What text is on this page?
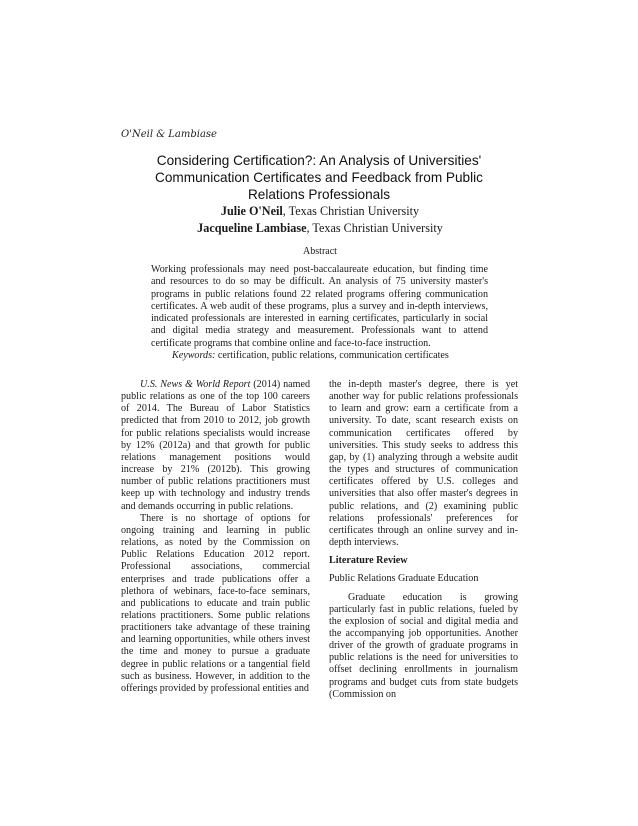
O'Neil & Lambiase
Considering Certification?: An Analysis of Universities' Communication Certificates and Feedback from Public Relations Professionals
Julie O'Neil, Texas Christian University
Jacqueline Lambiase, Texas Christian University
Abstract
Working professionals may need post-baccalaureate education, but finding time and resources to do so may be difficult. An analysis of 75 university master's programs in public relations found 22 related programs offering communication certificates. A web audit of these programs, plus a survey and in-depth interviews, indicated professionals are interested in earning certificates, particularly in social and digital media strategy and measurement. Professionals want to attend certificate programs that combine online and face-to-face instruction.
Keywords: certification, public relations, communication certificates

U.S. News & World Report (2014) named public relations as one of the top 100 careers of 2014. The Bureau of Labor Statistics predicted that from 2010 to 2012, job growth for public relations specialists would increase by 12% (2012a) and that growth for public relations management positions would increase by 21% (2012b). This growing number of public relations practitioners must keep up with technology and industry trends and demands occurring in public relations.

There is no shortage of options for ongoing training and learning in public relations, as noted by the Commission on Public Relations Education 2012 report. Professional associations, commercial enterprises and trade publications offer a plethora of webinars, face-to-face seminars, and publications to educate and train public relations practitioners. Some public relations practitioners take advantage of these training and learning opportunities, while others invest the time and money to pursue a graduate degree in public relations or a tangential field such as business. However, in addition to the offerings provided by professional entities and

the in-depth master's degree, there is yet another way for public relations professionals to learn and grow: earn a certificate from a university. To date, scant research exists on communication certificates offered by universities. This study seeks to address this gap, by (1) analyzing through a website audit the types and structures of communication certificates offered by U.S. colleges and universities that also offer master's degrees in public relations, and (2) examining public relations professionals' preferences for certificates through an online survey and in-depth interviews.

Literature Review

Public Relations Graduate Education

Graduate education is growing particularly fast in public relations, fueled by the explosion of social and digital media and the accompanying job opportunities. Another driver of the growth of graduate programs in public relations is the need for universities to offset declining enrollments in journalism programs and budget cuts from state budgets (Commission on
